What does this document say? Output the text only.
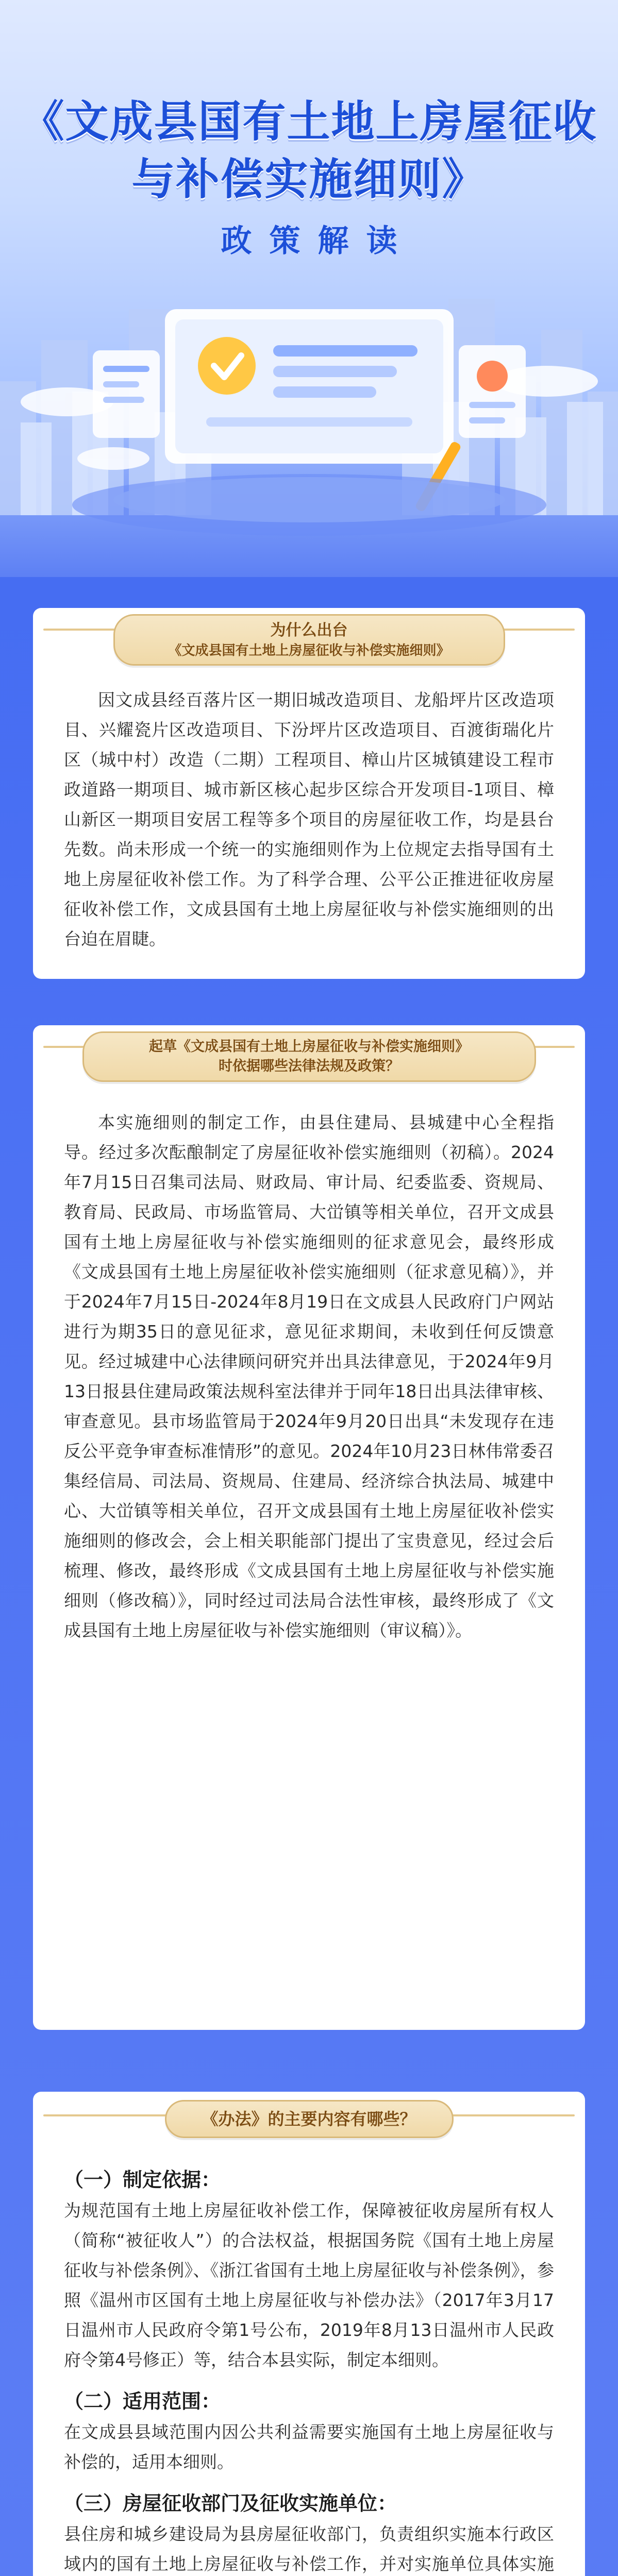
《文成县国有土地上房屋征收
与补偿实施细则》
政策解读
为什么出台
《文成县国有土地上房屋征收与补偿实施细则》

因文成县经百落片区一期旧城改造项目、龙船坪片区改造项目、兴耀瓷片区改造项目、下汾坪片区改造项目、百渡街瑞化片区（城中村）改造（二期）工程项目、樟山片区城镇建设工程市政道路一期项目、城市新区核心起步区综合开发项目-1项目、樟山新区一期项目安居工程等多个项目的房屋征收工作，均是县台先数。尚未形成一个统一的实施细则作为上位规定去指导国有土地上房屋征收补偿工作。为了科学合理、公平公正推进征收房屋征收补偿工作，文成县国有土地上房屋征收与补偿实施细则的出台迫在眉睫。

起草《文成县国有土地上房屋征收与补偿实施细则》
时依据哪些法律法规及政策？

本实施细则的制定工作，由县住建局、县城建中心全程指导。经过多次酝酿制定了房屋征收补偿实施细则（初稿）。2024年7月15日召集司法局、财政局、审计局、纪委监委、资规局、教育局、民政局、市场监管局、大峃镇等相关单位，召开文成县国有土地上房屋征收与补偿实施细则的征求意见会，最终形成《文成县国有土地上房屋征收补偿实施细则（征求意见稿）》，并于2024年7月15日-2024年8月19日在文成县人民政府门户网站进行为期35日的意见征求，意见征求期间，未收到任何反馈意见。经过城建中心法律顾问研究并出具法律意见，于2024年9月13日报县住建局政策法规科室法律并于同年18日出具法律审核、审查意见。县市场监管局于2024年9月20日出具“未发现存在违反公平竞争审查标准情形”的意见。2024年10月23日林伟常委召集经信局、司法局、资规局、住建局、经济综合执法局、城建中心、大峃镇等相关单位，召开文成县国有土地上房屋征收补偿实施细则的修改会，会上相关职能部门提出了宝贵意见，经过会后梳理、修改，最终形成《文成县国有土地上房屋征收与补偿实施细则（修改稿）》，同时经过司法局合法性审核，最终形成了《文成县国有土地上房屋征收与补偿实施细则（审议稿）》。

《办法》的主要内容有哪些？
（一）制定依据：
为规范国有土地上房屋征收补偿工作，保障被征收房屋所有权人（简称“被征收人”）的合法权益，根据国务院《国有土地上房屋征收与补偿条例》、《浙江省国有土地上房屋征收与补偿条例》，参照《温州市区国有土地上房屋征收与补偿办法》（2017年3月17日温州市人民政府令第1号公布，2019年8月13日温州市人民政府令第4号修正）等，结合本县实际，制定本细则。
（二）适用范围：
在文成县县域范围内因公共利益需要实施国有土地上房屋征收与补偿的，适用本细则。
（三）房屋征收部门及征收实施单位：
县住房和城乡建设局为县房屋征收部门，负责组织实施本行政区域内的国有土地上房屋征收与补偿工作，并对实施单位具体实施
